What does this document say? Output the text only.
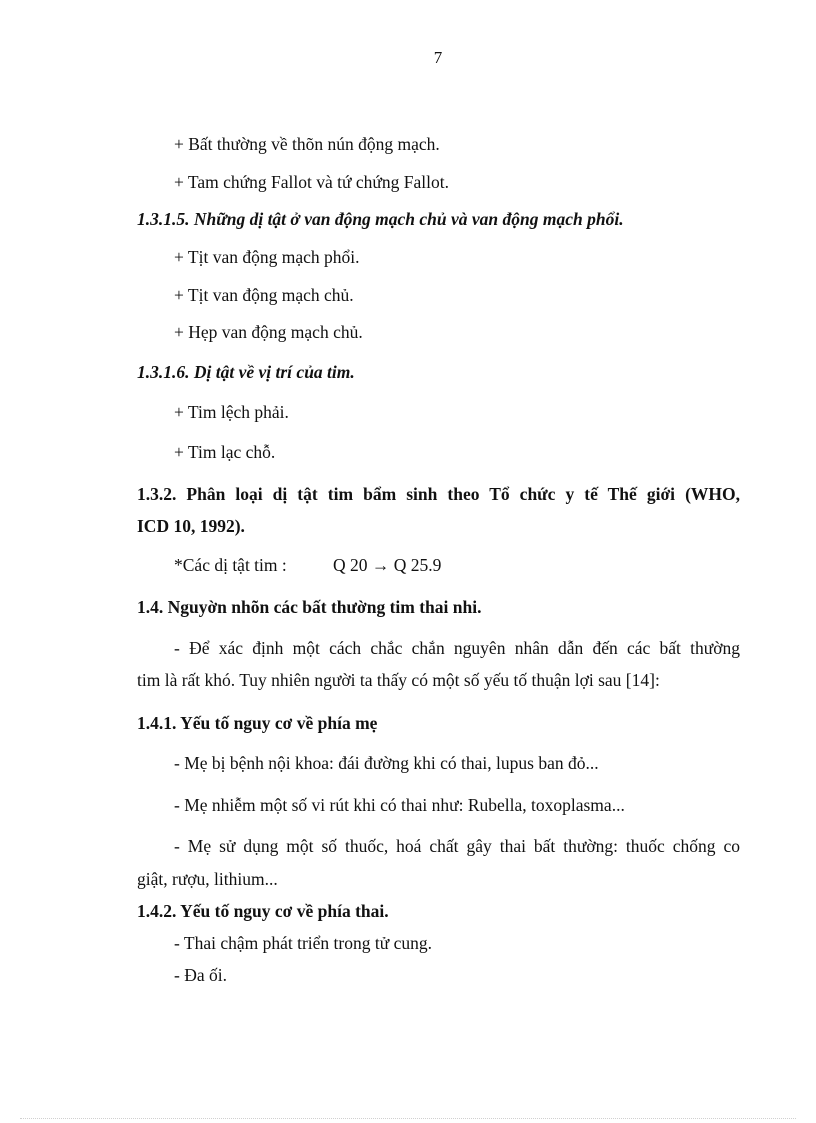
7
+ Bất thường về thõn nún động mạch.
+ Tam chứng Fallot và tứ chứng Fallot.
1.3.1.5. Những dị tật ở van động mạch chủ và van động mạch phổi.
+ Tịt van động mạch phổi.
+ Tịt van động mạch chủ.
+ Hẹp van động mạch chủ.
1.3.1.6. Dị tật về vị trí của tim.
+ Tim lệch phải.
+ Tim lạc chỗ.
1.3.2. Phân loại dị tật tim bẩm sinh theo Tổ chức y tế Thế giới (WHO,
ICD 10, 1992).
*Các dị tật tim :	Q 20 → Q 25.9
1.4. Nguyờn nhõn các bất thường tim thai nhi.
- Để xác định một cách chắc chắn nguyên nhân dẫn đến các bất thường
tim là rất khó. Tuy nhiên người ta thấy có một số yếu tố thuận lợi sau [14]:
1.4.1. Yếu tố nguy cơ về phía mẹ
- Mẹ bị bệnh nội khoa: đái đường khi có thai, lupus ban đỏ...
- Mẹ nhiễm một số vi rút khi có thai như: Rubella, toxoplasma...
- Mẹ sử dụng một số thuốc, hoá chất gây thai bất thường: thuốc chống co
giật, rượu, lithium...
1.4.2. Yếu tố nguy cơ về phía thai.
- Thai chậm phát triển trong tử cung.
- Đa ối.
